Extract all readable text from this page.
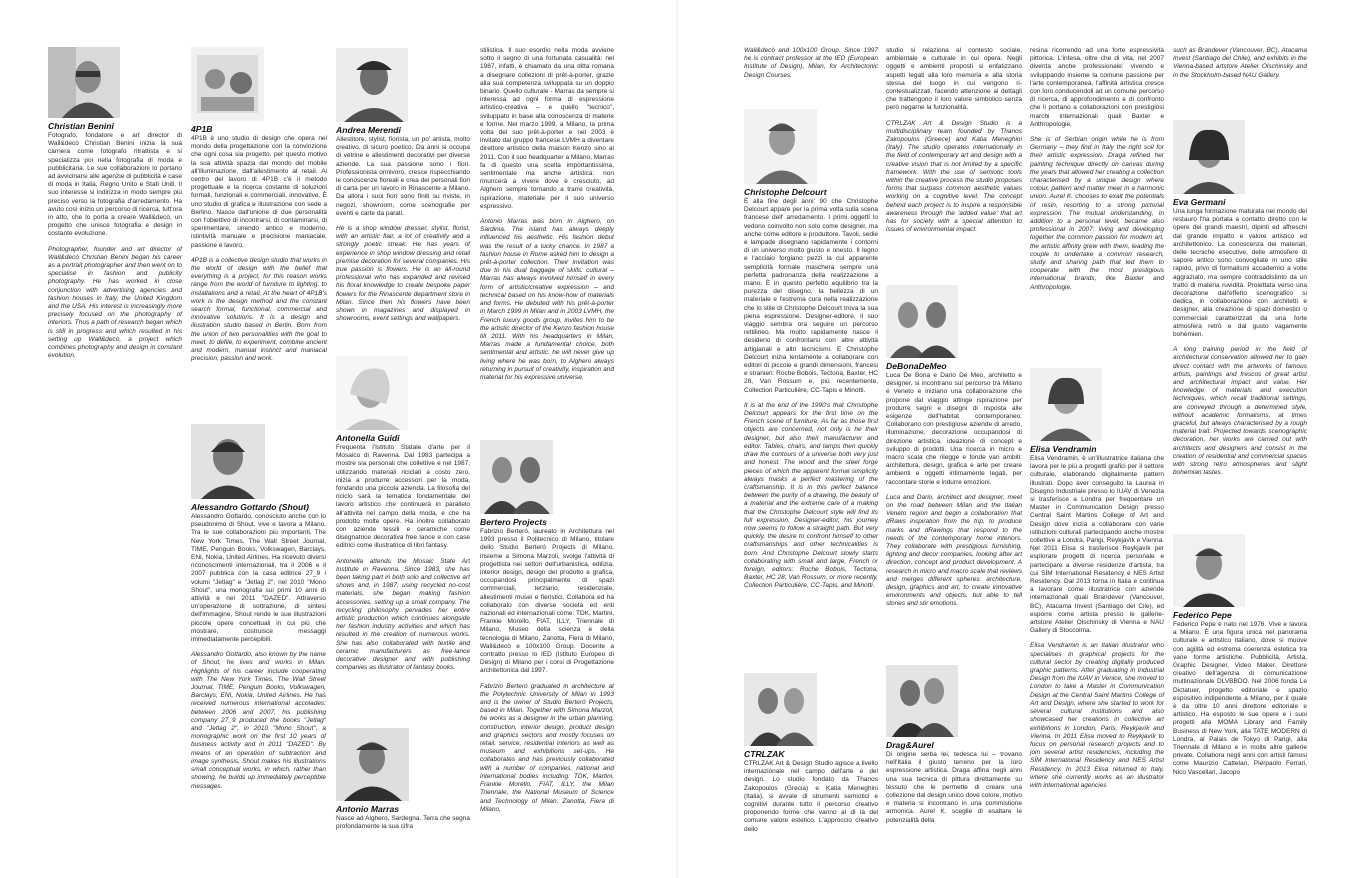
Christian Benini

Fotografo, fondatore e art director di Wall&decò Christian Benini inizia la sua carriera come fotografo ritrattista e si specializza poi nella fotografia di moda e pubblicitaria. Le sue collaborazioni lo portano ad avvicinarsi alle agenzie di pubblicità e case di moda in Italia, Regno Unito e Stati Uniti. Il suo interesse si indirizza in modo sempre più preciso verso la fotografia d'arredamento. Ha avuto così inizio un percorso di ricerca, tutt'ora in atto, che lo porta a creare Wall&decò, un progetto che unisce fotografia e design in costante evoluzione.

Photographer, founder and art director of Wall&decò Christian Benini began his career as a portrait photographer and then went on to specialise in fashion and publicity photography. He has worked in close conjunction with advertising agencies and fashion houses in Italy, the United Kingdom and the USA. His interest is increasingly more precisely focused on the photography of interiors. Thus a path of research began which is still in progress and which resulted in his setting up Wall&decò, a project which combines photography and design in constant evolution.

Alessandro Gottardo (Shout)

Alessandro Gottardo, conosciuto anche con lo pseudonimo di Shout, vive e lavora a Milano. Tra le sue collaborazioni più importanti, The New York Times, The Wall Street Journal, TIME, Penguin Books, Volkswagen, Barclays, ENI, Nokia, United Airlines. Ha ricevuto diversi riconoscimenti internazionali, tra il 2006 e il 2007 pubblica con la casa editrice 27_9 i volumi "Jetlag" e "Jetlag 2", nel 2010 "Mono Shout", una monografia sui primi 10 anni di attività e nel 2011 "DAZED". Attraverso un'operazione di sottrazione, di sintesi dell'immagine, Shout rende le sue illustrazioni piccole opere concettuali in cui più che mostrare, costruisce messaggi immediatamente percepibili.

Alessandro Gottardo, also known by the name of Shout, he lives and works in Milan. Highlights of his career include cooperating with The New York Times, The Wall Street Journal, TIME, Penguin Books, Volkswagen, Barclays, ENI, Nokia, United Airlines. He has received numerous international accolades: between 2006 and 2007, his publishing company 27_9 produced the books "Jetlag" and "Jetlag 2", in 2010 "Mono Shout", a monographic work on the first 10 years of business activity and in 2011 "DAZED". By means of an operation of subtraction and image synthesis, Shout makes his illustrations small conceptual works, in which, rather than showing, he builds up immediately perceptible messages.

4P1B

4P1B è uno studio di design che opera nel mondo della progettazione con la convinzione che ogni cosa sia progetto, per questo motivo la sua attività spazia dal mondo del mobile all'illuminazione, dall'allestimento al retail. Al centro del lavoro di 4P1B c'è il metodo progettuale e la ricerca costante di soluzioni formali, funzionali e commerciali, innovative. È uno studio di grafica e illustrazione con sede a Berlino. Nasce dall'unione di due personalità con l'obiettivo di incontrarsi, di contaminarsi, di sperimentare, unendo antico e moderno, istintività manuale e precisione maniacale, passione e lavoro.

4P1B is a collective design studio that works in the world of design with the belief that everything is a project, for this reason works range from the world of furniture to lighting, to installations and a retail. At the heart of 4P1B's work is the design method and the constant search formal, functional, commercial and innovative solutions. It is a design and illustration studio based in Berlin. Born from the union of two personalities with the goal to meet, to defile, to experiment, combine ancient and modern, manual instinct and maniacal precision, passion and work.

Andrea Merendi

Allestitore, stylist, fiorista, un po' artista, molto creativo, di sicuro poetico. Da anni si occupa di vetrine e allestimenti decorativi per diverse aziende. La sua passione sono i fiori. Professionista onnivoro, cresce rispecchiando le conoscenze floreali e crea dei personali fiori di carta per un lavoro in Rinascente a Milano. Da allora i suoi fiori sono finiti su riviste, in negozi, showroom, come scenografie per eventi e carte da parati.

He is a shop window dresser, stylist, florist, with an artistic flair, a lot of creativity and a strongly poetic streak. He has years of experience in shop window dressing and retail premise decoration for several companies. His true passion is flowers. He is an all-round professional who has expanded and revised his floral knowledge to create bespoke paper flowers for the Rinascente department store in Milan. Since then his flowers have been shown in magazines and displayed in showrooms, event settings and wallpapers.

Antonella Guidi

Frequenta l'Istituto Statale d'arte per il Mosaico di Ravenna. Dal 1983 partecipa a mostre sia personali che collettive e nel 1987, utilizzando materiali riciclati a costo zero, inizia a produrre accessori per la moda, fondando una piccola azienda. La filosofia del riciclo sarà la tematica fondamentale del lavoro artistico che continuerà in parallelo all'attività nel campo della moda, e che ha prodotto molte opere. Ha inoltre collaborato con aziende tessili e ceramiche come disegnatrice decorativa free lance e con case editrici come illustratrice di libri fantasy.

Antonella attends the Mosaic State Art Institute in Ravenna. Since 1983, she has been taking part in both solo and collective art shows and, in 1987, using recycled no-cost materials, she began making fashion accessories, setting up a small company. The recycling philosophy pervades her entire artistic production which continues alongside her fashion industry activities and which has resulted in the creation of numerous works. She has also collaborated with textile and ceramic manufacturers as free-lance decorative designer and with publishing companies as illustrator of fantasy books.

Antonio Marras

Nasce ad Alghero, Sardegna. Terra che segna profondamente la sua cifra

stilistica. Il suo esordio nella moda avviene sotto il segno di una fortunata casualità: nel 1987, infatti, è chiamato da una ditta romana a disegnare collezioni di prêt-à-porter, grazie alla sua competenza sviluppata su un doppio binario. Quello culturale - Marras da sempre si interessa ad ogni forma di espressione artistico-creativa – e quello "tecnico", sviluppato in base alla conoscenza di materie e forme. Nel marzo 1999, a Milano, la prima volta del suo prêt-à-porter e nel 2003 è invitato dal gruppo francese LVMH a diventare direttore artistico della maison Kenzo sino al 2011. Con il suo headquarter a Milano, Marras fa di questo una scelta importantissima, sentimentale ma anche artistica: non rinuncerà a vivere dove è cresciuto, ad Alghero sempre tornando a trarre creatività, ispirazione, materiale per il suo universo espressivo.

Antonio Marras was born in Alghero, on Sardinia. The island has always deeply influenced his aesthetic. His fashion debut was the result of a lucky chance. In 1987 a fashion house in Rome asked him to design a prêt-à-porter collection. Their invitation was due to his dual baggage of skills: cultural – Marras has always involved himself in every form of artistic/creative expression – and technical based on his know-how of materials and forms. He debuted with his prêt-à-porter in March 1999 in Milan and in 2003 LVMH, the French luxury goods group, invites him to be the artistic director of the Kenzo fashion house till 2011. With his headquarters in Milan, Marras made a fundamental choice, both sentimental and artistic: he will never give up living where he was born, to Alghero always returning in pursuit of creativity, inspiration and material for his expressive universe.

Bertero Projects

Fabrizio Berteró, laureato in Architettura nel 1993 presso il Politecnico di Milano, titolare dello Studio Berteró Projects di Milano, insieme a Simona Marzoli, svolge l'attività di progettista nei settori dell'urbanistica, edilizia, interior design, design del prodotto e grafica, occupandosi principalmente di spazi commerciali, terziario, residenziale, allestimenti musei e fieristici. Collabora ed ha collaborato con diverse società ed enti nazionali ed internazionali come: TDK, Martini, Frankie Morello, FIAT, ILLY, Triennale di Milano, Museo della scienza e della tecnologia di Milano, Zanotta, Fiera di Milano, Wall&decò e 100x100 Group. Docente a contratto presso lo IED (Istituto Europeo di Design) di Milano per i corsi di Progettazione architettonica dal 1997.

Fabrizio Berteró graduated in architecture at the Polytechnic University of Milan in 1993 and is the owner of Studio Berteró Projects, based in Milan. Together with Simona Marzoli, he works as a designer in the urban planning, construction, interior design, product design and graphics sectors and mostly focuses on retail, service, residential interiors as well as museum and exhibitions set-ups. He collaborates and has previously collaborated with a number of companies, national and international bodies including: TDK, Martini, Frankie Morello, FIAT, ILLY, the Milan Triennale, the National Museum of Science and Technology of Milan, Zanotta, Fiera di Milano,

Wall&decò and 100x100 Group. Since 1997 he is contract professor at the IED (European Institute of Design), Milan, for Architectonic Design Courses.

Christophe Delcourt

È alla fine degli anni' 90 che Christophe Delcourt appare per la prima volta sulla scena francese dell' arredamento. I primi oggetti lo vedono coinvolto non solo come designer, ma anche come editore e produttore. Tavoli, sedie e lampade disegnano rapidamente i contorni di un universo molto giusto e onesto. Il legno e l'acciaio forgiano pezzi la cui apparente semplicità formale maschera sempre una perfetta padronanza della realizzazione a mano. È in questo perfetto equilibrio tra la purezza del disegno, la bellezza di un materiale e l'estrema cura nella realizzazione che lo stile di Christophe Delcourt trova la sua piena espressione. Designer-editore, il suo viaggio sembra ora seguire un percorso rettilineo. Ma molto rapidamente nasce il desiderio di confrontarsi con altre attività artigianali e altri tecnicismi. E Christophe Delcourt inizia lentamente a collaborare con editori di piccole e grandi dimensioni, francesi e stranieri: Roche Bobois, Tectona, Baxter, HC 28, Van Rossum e, più recentemente, Collection Particulière, CC-Tapis e Minotti.

It is at the end of the 1990's that Christophe Delcourt appears for the first time on the French scene of furniture. As far as those first objects are concerned, not only is he their designer, but also their manufacturer and editor. Tables, chairs, and lamps then quickly draw the contours of a universe both very just and honest. The wood and the steel forge pieces of which the apparent formal simplicity always masks a perfect mastering of the craftsmanship. It is in this perfect balance between the purity of a drawing, the beauty of a material and the extreme care of a making that the Christophe Delcourt style will find its full expression. Designer-editor, his journey now seems to follow a straight path. But very quickly, the desire to confront himself to other craftsmanships and other technicalities is born. And Christophe Delcourt slowly starts collaborating with small and large, French or foreign, editors: Roche Bobois, Tectona, Baxter, HC 28, Van Rossum, or more recently, Collection Particulière, CC-Tapis, and Minotti.

CTRLZAK

CTRLZAK Art & Design Studio agisce a livello internazionale nel campo dell'arte e del design. Lo studio fondato da Thanos Zakopoulos (Grecia) e Katia Meneghini (Italia), si avvale di strumenti semiotici e cognitivi durante tutto il percorso creativo proponendo forme che vanno al di là del comune valore estetico. L'approccio creativo dello

studio si relaziona al contesto sociale, ambientale e culturale in cui opera. Negli oggetti e ambienti proposti si enfatizzano aspetti legati alla loro memoria e alla storia stessa del luogo in cui vengono ri-contestualizzati, facendo attenzione ai dettagli che trattengono il loro valore simbolico senza però negarne la funzionalità.

CTRLZAK Art & Design Studio is a multidisciplinary team founded by Thanos Zakopoulos (Greece) and Katia Meneghini (Italy). The studio operates internationally in the field of contemporary art and design with a creative vision that is not limited by a specific framework. With the use of semiotic tools within the creative process the studio proposes forms that surpass common aesthetic values working on a cognitive level. The concept behind each project is to inspire a responsible awareness through the 'added value' that art has for society with a special attention to issues of environmental impact.

DeBonaDeMeo

Luca De Bona e Dario De Meo, architetto e designer, si incontrano sul percorso tra Milano e Veneto e iniziano una collaborazione che propone dal viaggio attinge ispirazione per produrre segni e disegni di risposta alle esigenze dell'habitat contemporaneo. Collaborano con prestigiose aziende di arredo, illuminazione, decorazione occupandosi di direzione artistica, ideazione di concept e sviluppo di prodotti. Una ricerca in micro e macro scala che rilegge e fonde vari ambiti: architettura, design, grafica e arte per creare ambienti e oggetti intimamente legati, per raccontare storie e indurre emozioni.

Luca and Dario, architect and designer, meet on the road between Milan and the Italian Veneto region and begin a collaboration that dRaws inspiration from the trip, to produce marks and dRawings that respond to the needs of the contemporary home interiors. They collaborate with prestigious furnishing, lighting and decor companies, looking after art direction, concept and product development. A research in micro and macro scale that reviews and merges different spheres: architecture, design, graphics and art, to create innovative environments and objects, but able to tell stories and stir emotions.

Drag&Aurel

Di origine serba lei, tedesca lui – trovano nell'Italia il giusto terreno per la loro espressione artistica. Draga affina negli anni una sua tecnica di pittura direttamente su tessuto che le permette di creare una collezione dal design unico dove colore, motivo e materia si incontrano in una commistione armonica. Aurel K. sceglie di esaltare le potenzialità della

resina ricorrendo ad una forte espressività pittorica. L'intesa, oltre che di vita, nel 2007 diventa anche professionale: vivendo e sviluppando insieme la comune passione per l'arte contemporanea, l'affinità artistica cresce con loro conducendoli ad un comune percorso di ricerca, di approfondimento e di confronto che li portano a collaborazioni con prestigiosi marchi internazionali quali Baxter e Anthropologie.

She is of Serbian origin while he is from Germany – they find in Italy the right soil for their artistic expression. Draga refined her painting technique directly on canvas during the years that allowed her creating a collection characterised by a unique design where colour, pattern and matter meet in a harmonic union. Aurel K. chooses to exalt the potentials of resin, resorting to a strong pictorial expression. The mutual understanding, in addition to a personal level, became also professional in 2007: living and developing together the common passion for modern art, the artistic affinity grew with them, leading the couple to undertake a common research, study and sharing path that led them to cooperate with the most prestigious international brands, like Baxter and Anthropologie.

Elisa Vendramin

Elisa Vendramin, è un'illustratrice italiana che lavora per le più a progetti grafici per il settore culturale, elaborando digitalmente pattern illustrati. Dopo aver conseguito la Laurea in Disegno Industriale presso lo IUAV di Venezia si trasferisce a Londra per frequentare un Master in Communication Design presso Central Saint Martins College of Art and Design dove inizia a collaborare con varie istituzioni culturali partecipando anche mostre collettive a Londra, Parigi, Reykjavík e Vienna. Nel 2011 Elisa si trasferisce Reykjavík per esplorare progetti di ricerca personale e partecipare a diverse residenze d'artista, tra cui SÍM International Residency e NES Artist Residency. Dal 2013 torna in Italia e continua a lavorare come illustratrice con aziende internazionali quali Brandever (Vancouver, BC), Atacama Invest (Santiago del Cile), ed esporre come artista presso le gallerie-artstore Atelier Olschinsky di Vienna e NAU Gallery di Stoccolma.

Elisa Vendramin is an Italian illustrator who specialises in graphical projects for the cultural sector by creating digitally produced graphic patterns. After graduating in Industrial Design from the IUAV in Venice, she moved to London to take a Master in Communication Design at the Central Saint Martins College of Art and Design, where she started to work for several cultural institutions and also showcased her creations in collective art exhibitions in London, Paris, Reykjavík and Vienna. In 2011 Elisa moved to Reykjavík to focus on personal research projects and to join several artist residencies, including the SÍM International Residency and NES Artist Residency. In 2013 Elisa returned to Italy, where she currently works as an illustrator with international agencies

such as Brandever (Vancouver, BC), Atacama Invest (Santiago del Chile), and exhibits in the Vienna-based artstore Atelier Olschinsky and in the Stockholm-based NAU Gallery.

Eva Germani

Una lunga formazione maturata nel mondo del restauro l'ha portata a contatto diretto con le opere dei grandi maestri, dipinti ed affreschi dal grande impatto e valore artistico ed architettonico. La conoscenza dei materiali, delle tecniche esecutive, delle atmosfere di sapore antico sono convogliate in uno stile rapido, privo di formalismi accademici a volte aggraziato, ma sempre contraddistinto da un tratto di materia ruvidità. Proiettata verso una decorazione dall'effetto scenografico si dedica, in collaborazione con architetti e designer, alla creazione di spazi domestici o commerciali caratterizzati da una forte atmosfera retrò e dal gusto vagamente bohémien.

A long training period in the field of architectural conservation allowed her to gain direct contact with the artworks of famous artists, paintings and frescos of great artist and architectural impact and value. Her knowledge of materials and execution techniques, which recall traditional settings, are conveyed through a determined style, without academic formalisms, at times graceful, but always characterised by a rough material trait. Projected towards scenographic decoration, her works are carried out with architects and designers and consist in the creation of residential and commercial spaces with strong retro atmospheres and slight bohemian tastes.

Federico Pepe

Federico Pepe è nato nel 1976. Vive e lavora a Milano. È una figura unica nel panorama culturale e artistico italiano, dove si muove con agilità ed estrema coerenza estetica tra varie forme artistiche. Pubblicità, Artista, Graphic Designer, Video Maker. Direttore creativo dell'agenzia di comunicazione multinazionale DLVBBDO. Nel 2006 fonda Le Dictatuer, progetto editoriale e spazio espositivo indipendente a Milano, per il quale è da oltre 10 anni direttore editoriale e artistico. Ha esposto le sue opere e i suoi progetti alla MOMA Library and Family Business di New York, alla TATE MODERN di Londra, al Palais de Tokyo di Parigi, alla Triennale di Milano e in molte altre gallerie private. Collabora negli anni con artisti famosi come Maurizio Cattelan, Pierpaolo Ferrari, Nico Vascellari, Jacopo
